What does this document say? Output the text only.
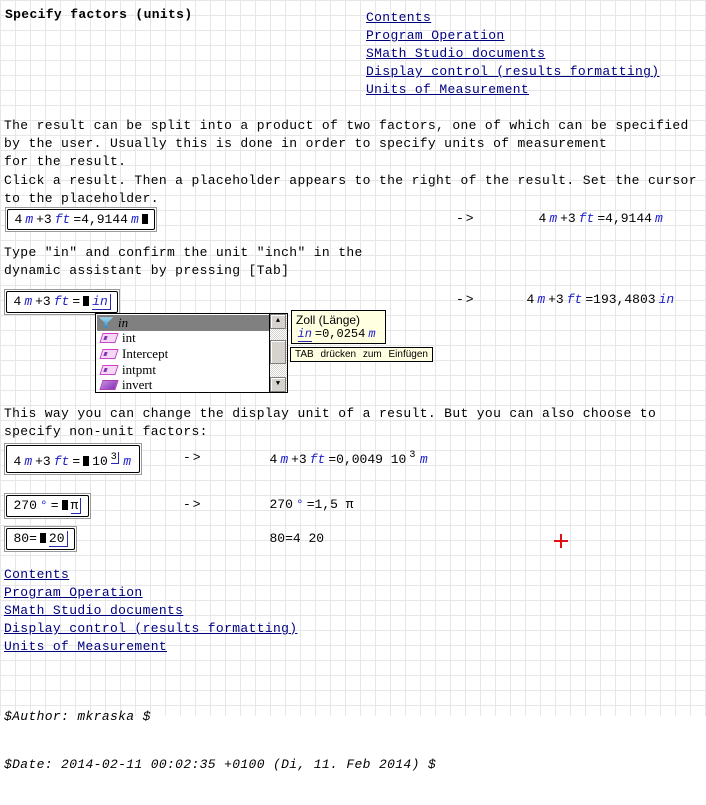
Specify factors (units)	Contents
Program Operation
SMath Studio documents
Display control (results formatting)
Units of Measurement
The result can be split into a product of two factors, one of which can be specified
by the user. Usually this is done in order to specify units of measurement
for the result.
Click a result. Then a placeholder appears to the right of the result. Set the cursor
to the placeholder.
4 m +3 ft =4,9144 m	->	4 m +3 ft =4,9144 m
Type "in" and confirm the unit "inch" in the
dynamic assistant by pressing [Tab]
4 m +3 ft = in	->	4 m +3 ft =193,4803 in
in
int
Intercept
intpmt
invert
▲
▼
Zoll (Länge)
in =0,0254 m
TAB drücken zum Einfügen
This way you can change the display unit of a result. But you can also choose to
specify non-unit factors:
4 m +3 ft = 10 3 m	->	4 m +3 ft =0,0049 10 3 m
270 ° = π	->	270 ° =1,5 π
80= 20	80=4 20
Contents
Program Operation
SMath Studio documents
Display control (results formatting)
Units of Measurement

$Author: mkraska $

$Date: 2014-02-11 00:02:35 +0100 (Di, 11. Feb 2014) $
